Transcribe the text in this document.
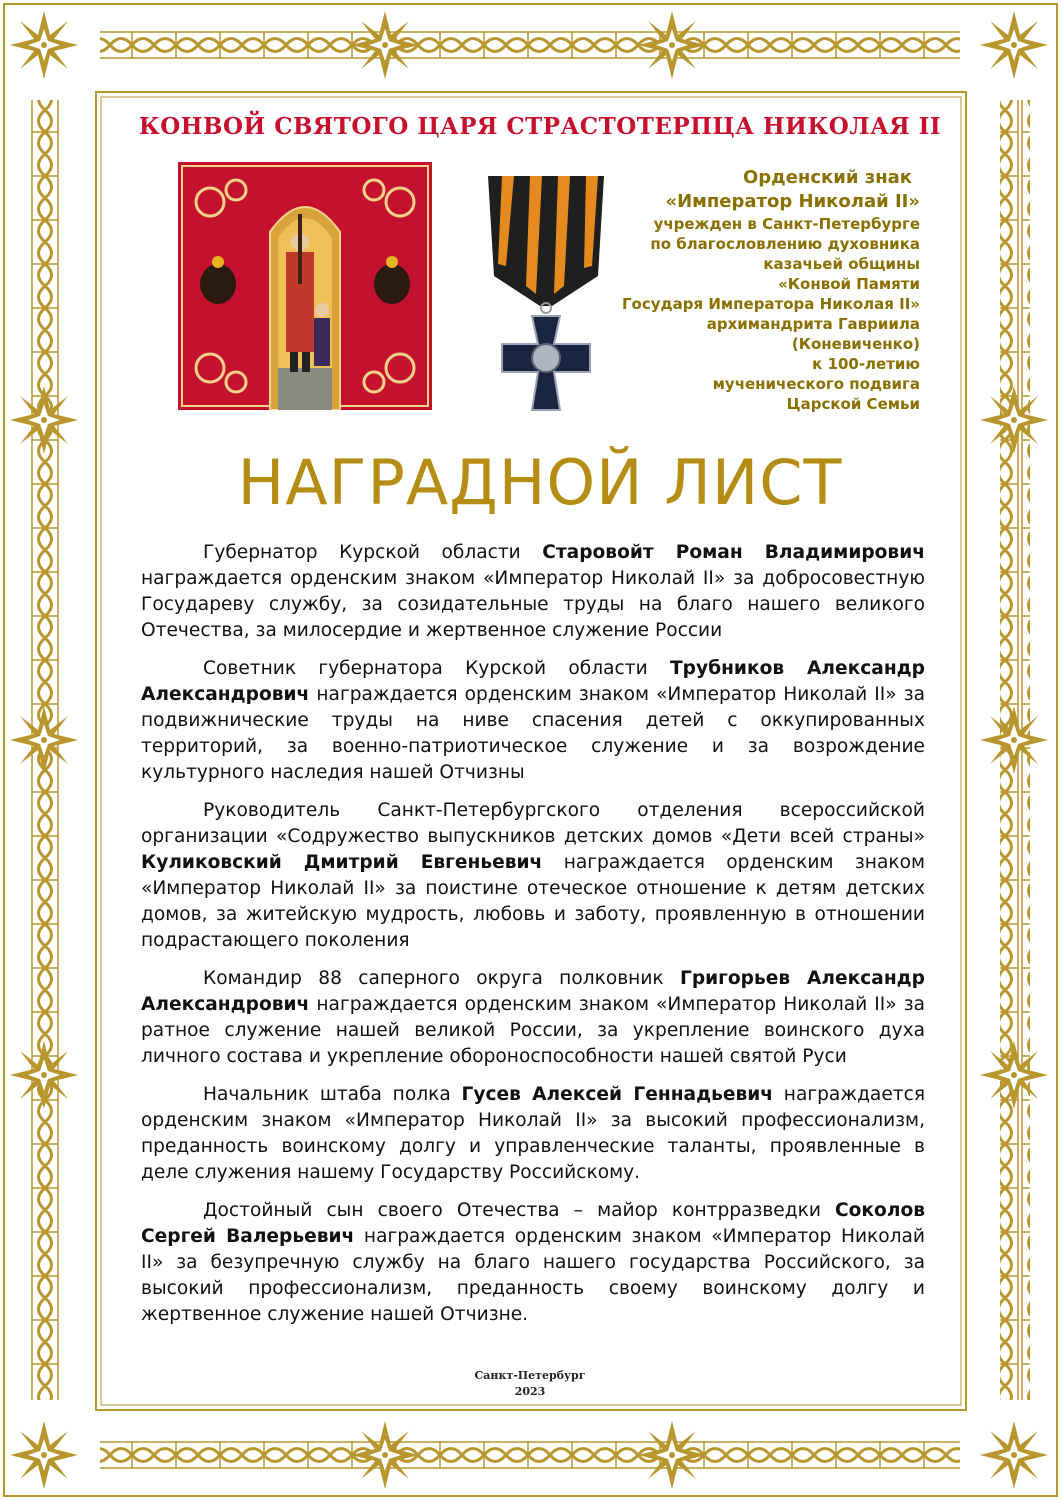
КОНВОЙ СВЯТОГО ЦАРЯ СТРАСТОТЕРПЦА НИКОЛАЯ II
Орденский знак
«Император Николай II»
учрежден в Санкт-Петербурге
по благословлению духовника
казачьей общины
«Конвой Памяти
Государя Императора Николая II»
архимандрита Гавриила
(Коневиченко)
к 100-летию
мученического подвига
Царской Семьи
НАГРАДНОЙ ЛИСТ

Губернатор Курской области Старовойт Роман Владимирович награждается орденским знаком «Император Николай II» за добросовестную Государеву службу, за созидательные труды на благо нашего великого Отечества, за милосердие и жертвенное служение России

Советник губернатора Курской области Трубников Александр Александрович награждается орденским знаком «Император Николай II» за подвижнические труды на ниве спасения детей с оккупированных территорий, за военно-патриотическое служение и за возрождение культурного наследия нашей Отчизны

Руководитель Санкт-Петербургского отделения всероссийской организации «Содружество выпускников детских домов «Дети всей страны» Куликовский Дмитрий Евгеньевич награждается орденским знаком «Император Николай II» за поистине отеческое отношение к детям детских домов, за житейскую мудрость, любовь и заботу, проявленную в отношении подрастающего поколения

Командир 88 саперного округа полковник Григорьев Александр Александрович награждается орденским знаком «Император Николай II» за ратное служение нашей великой России, за укрепление воинского духа личного состава и укрепление обороноспособности нашей святой Руси

Начальник штаба полка Гусев Алексей Геннадьевич награждается орденским знаком «Император Николай II» за высокий профессионализм, преданность воинскому долгу и управленческие таланты, проявленные в деле служения нашему Государству Российскому.

Достойный сын своего Отечества – майор контрразведки Соколов Сергей Валерьевич награждается орденским знаком «Император Николай II» за безупречную службу на благо нашего государства Российского, за высокий профессионализм, преданность своему воинскому долгу и жертвенное служение нашей Отчизне.

Санкт-Петербург
2023
